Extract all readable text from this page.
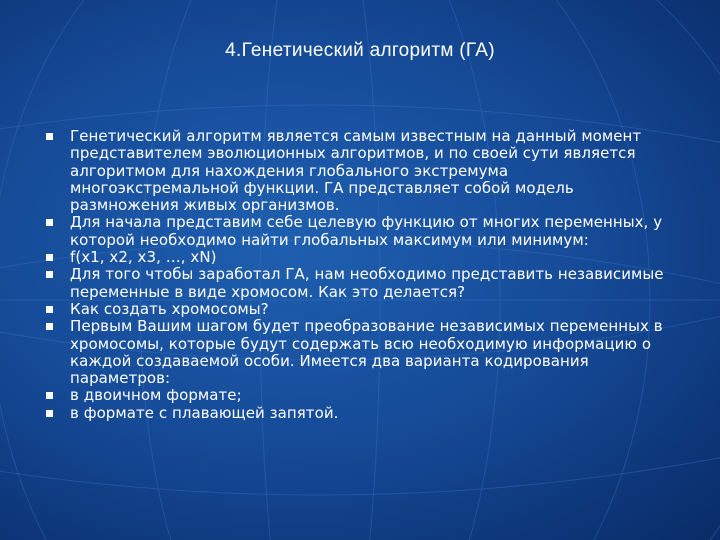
4.Генетический алгоритм (ГА)
Генетический алгоритм является самым известным на данный момент представителем эволюционных алгоритмов, и по своей сути является алгоритмом для нахождения глобального экстремума многоэкстремальной функции. ГА представляет собой модель размножения живых организмов.
Для начала представим себе целевую функцию от многих переменных, у которой необходимо найти глобальных максимум или минимум:
f(x1, x2, x3, …, xN)
Для того чтобы заработал ГА, нам необходимо представить независимые переменные в виде хромосом. Как это делается?
Как создать хромосомы?
Первым Вашим шагом будет преобразование независимых переменных в хромосомы, которые будут содержать всю необходимую информацию о каждой создаваемой особи. Имеется два варианта кодирования параметров:
в двоичном формате;
в формате с плавающей запятой.
